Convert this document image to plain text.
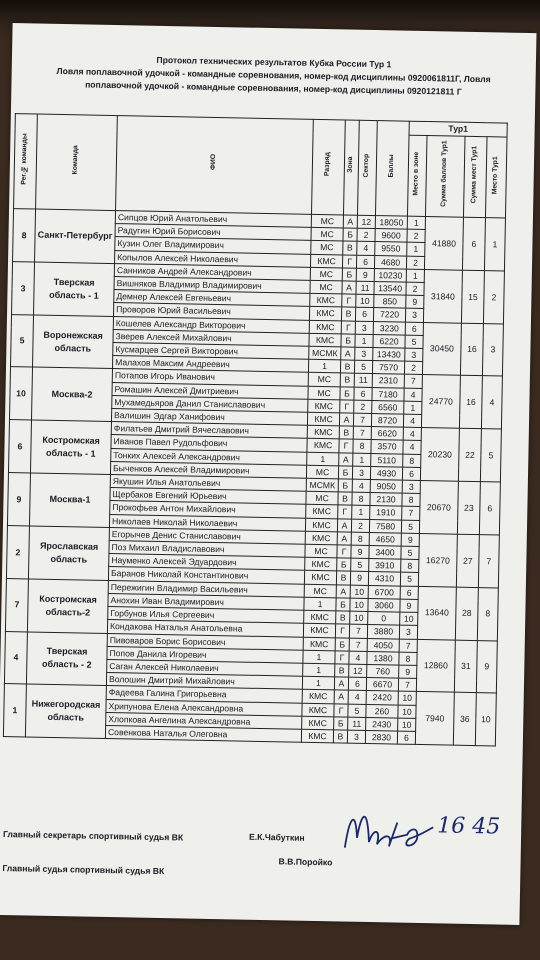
Протокол технических результатов Кубка России Тур 1
Ловля поплавочной удочкой - командные соревнования, номер-код дисциплины 0920061811Г, Ловля
поплавочной удочкой - командные соревнования, номер-код дисциплины 0920121811 Г
Рег.№ команды	Команда	ФИО	Разряд	Зона	Сектор	Баллы	Тур1			
							Место в зоне	Сумма баллов Тур1	Сумма мест Тур1	Место Тур1
8	Санкт-Петербург	Сипцов Юрий Анатольевич	МС	А	12	18050	1	41880	6	1
		Радугин Юрий Борисович	МС	Б	2	9600	2			
		Кузин Олег Владимирович	МС	В	4	9550	1			
		Копылов Алексей Николаевич	КМС	Г	6	4680	2			
3	Тверская область - 1	Санников Андрей Александрович	МС	Б	9	10230	1	31840	15	2
		Вишняков Владимир Владимирович	МС	А	11	13540	2			
		Демнер Алексей Евгеньевич	КМС	Г	10	850	9			
		Проворов Юрий Васильевич	КМС	В	6	7220	3			
5	Воронежская область	Кошелев Александр Викторович	КМС	Г	3	3230	6	30450	16	3
		Зверев Алексей Михайлович	КМС	Б	1	6220	5			
		Кусмарцев Сергей Викторович	МСМК	А	3	13430	3			
		Малахов Максим Андреевич	1	В	5	7570	2			
10	Москва-2	Потапов Игорь Иванович	МС	В	11	2310	7	24770	16	4
		Ромашин Алексей Дмитриевич	МС	Б	6	7180	4			
		Мухамедьяров Данил Станиславович	КМС	Г	2	6560	1			
		Валишин Эдгар Ханифович	КМС	А	7	8720	4			
6	Костромская область - 1	Филатьев Дмитрий Вячеславович	КМС	В	7	6620	4	20230	22	5
		Иванов Павел Рудольфович	КМС	Г	8	3570	4			
		Тонких Алексей Александрович	1	А	1	5110	8			
		Быченков Алексей Владимирович	МС	Б	3	4930	6			
9	Москва-1	Якушин Илья Анатольевич	МСМК	Б	4	9050	3	20670	23	6
		Щербаков Евгений Юрьевич	МС	В	8	2130	8			
		Прокофьев Антон Михайлович	КМС	Г	1	1910	7			
		Николаев Николай Николаевич	КМС	А	2	7580	5			
2	Ярославская область	Егорычев Денис Станиславович	КМС	А	8	4650	9	16270	27	7
		Поз Михаил Владиславович	МС	Г	9	3400	5			
		Науменко Алексей Эдуардович	КМС	Б	5	3910	8			
		Баранов Николай Константинович	КМС	В	9	4310	5			
7	Костромская область-2	Пережигин Владимир Васильевич	МС	А	10	6700	6	13640	28	8
		Анохин Иван Владимирович	1	Б	10	3060	9			
		Горбунов Илья Сергеевич	КМС	В	10	0	10			
		Кондакова Наталья Анатольевна	КМС	Г	7	3880	3			
4	Тверская область - 2	Пивоваров Борис Борисович	КМС	Б	7	4050	7	12860	31	9
		Попов Данила Игоревич	1	Г	4	1380	8			
		Саган Алексей Николаевич	1	В	12	760	9			
		Волошин Дмитрий Михайлович	1	А	6	6670	7			
1	Нижегородская область	Фадеева Галина Григорьевна	КМС	А	4	2420	10	7940	36	10
		Хрипунова Елена Александровна	КМС	Г	5	260	10			
		Хлопкова Ангелина Александровна	КМС	Б	11	2430	10			
		Совенкова Наталья Олеговна	КМС	В	3	2830	6			
Главный секретарь спортивный судья ВК	Е.К.Чабуткин
Главный судья спортивный судья ВК
В.В.Поройко
16 45
